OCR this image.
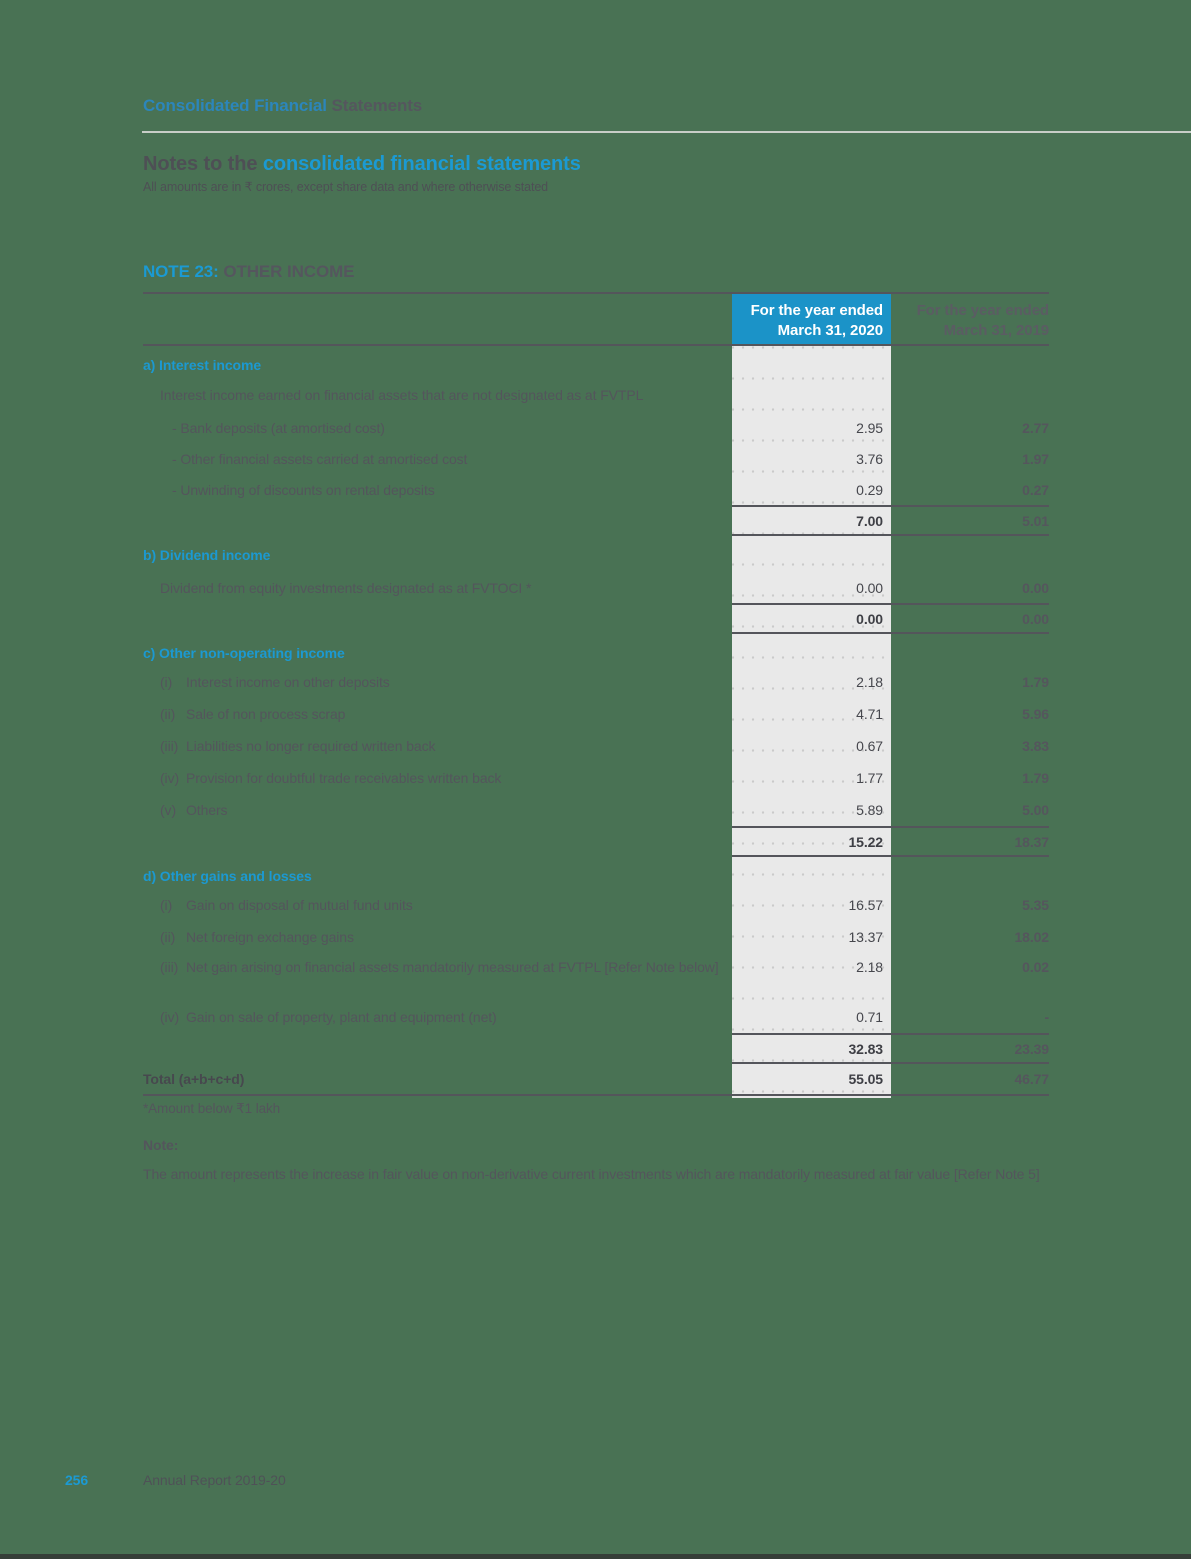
Consolidated Financial Statements
Notes to the consolidated financial statements
All amounts are in ₹ crores, except share data and where otherwise stated
NOTE 23: OTHER INCOME
For the year ended
March 31, 2020
For the year ended
March 31, 2019
a) Interest income
Interest income earned on financial assets that are not designated as at FVTPL
- Bank deposits (at amortised cost)	2.95	2.77
- Other financial assets carried at amortised cost	3.76	1.97
- Unwinding of discounts on rental deposits	0.29	0.27
7.00	5.01
b) Dividend income
Dividend from equity investments designated as at FVTOCI *	0.00	0.00
0.00	0.00
c) Other non-operating income
(i) Interest income on other deposits	2.18	1.79
(ii) Sale of non process scrap	4.71	5.96
(iii) Liabilities no longer required written back	0.67	3.83
(iv) Provision for doubtful trade receivables written back	1.77	1.79
(v) Others	5.89	5.00
15.22	18.37
d) Other gains and losses
(i) Gain on disposal of mutual fund units	16.57	5.35
(ii) Net foreign exchange gains	13.37	18.02
(iii) Net gain arising on financial assets mandatorily measured at FVTPL [Refer Note below]	2.18	0.02
(iv) Gain on sale of property, plant and equipment (net)	0.71	-
32.83	23.39
Total (a+b+c+d)	55.05	46.77
*Amount below ₹1 lakh
Note:
The amount represents the increase in fair value on non-derivative current investments which are mandatorily measured at fair value [Refer Note 5]
256	Annual Report 2019-20
